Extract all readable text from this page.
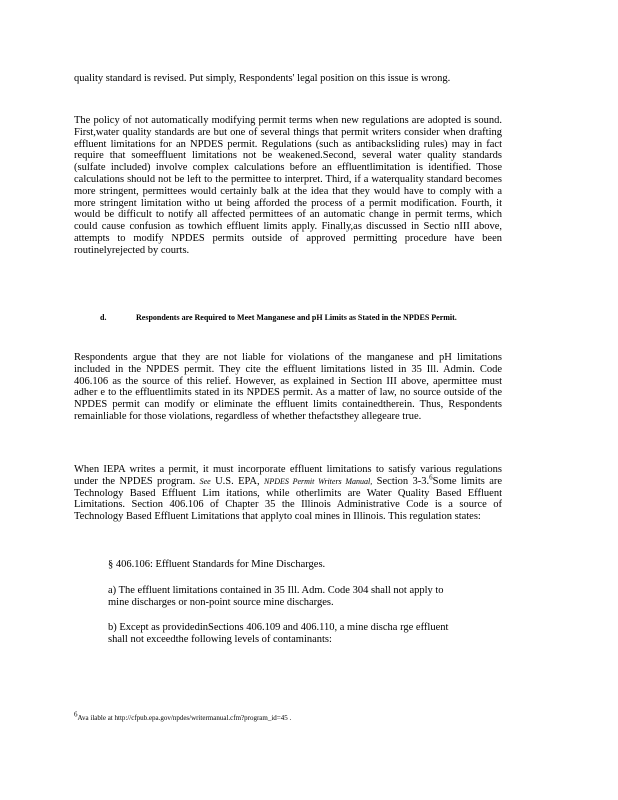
quality standard is revised. Put simply, Respondents' legal position on this issue is wrong.

The policy of not automatically modifying permit terms when new regulations are adopted is sound. First,water quality standards are but one of several things that permit writers consider when drafting effluent limitations for an NPDES permit. Regulations (such as antibacksliding rules) may in fact require that someeffluent limitations not be weakened.Second, several water quality standards (sulfate included) involve complex calculations before an effluentlimitation is identified. Those calculations should not be left to the permittee to interpret. Third, if a waterquality standard becomes more stringent, permittees would certainly balk at the idea that they would have to comply with a more stringent limitation witho ut being afforded the process of a permit modification. Fourth, it would be difficult to notify all affected permittees of an automatic change in permit terms, which could cause confusion as towhich effluent limits apply. Finally,as discussed in Sectio nIII above, attempts to modify NPDES permits outside of approved permitting procedure have been routinelyrejected by courts.

d.	Respondents are Required to Meet Manganese and pH Limits as Stated in the NPDES Permit.

Respondents argue that they are not liable for violations of the manganese and pH limitations included in the NPDES permit. They cite the effluent limitations listed in 35 Ill. Admin. Code 406.106 as the source of this relief. However, as explained in Section III above, apermittee must adher e to the effluentlimits stated in its NPDES permit. As a matter of law, no source outside of the NPDES permit can modify or eliminate the effluent limits containedtherein. Thus, Respondents remainliable for those violations, regardless of whether thefactsthey allegeare true.

When IEPA writes a permit, it must incorporate effluent limitations to satisfy various regulations under the NPDES program. See U.S. EPA, NPDES Permit Writers Manual, Section 3-3.$^6$Some limits are Technology Based Effluent Lim itations, while otherlimits are Water Quality Based Effluent Limitations. Section 406.106 of Chapter 35 the Illinois Administrative Code is a source of Technology Based Effluent Limitations that applyto coal mines in Illinois. This regulation states:

§ 406.106: Effluent Standards for Mine Discharges.

a) The effluent limitations contained in 35 Ill. Adm. Code 304 shall not apply to mine discharges or non-point source mine discharges.

b) Except as providedinSections 406.109 and 406.110, a mine discha rge effluent shall not exceedthe following levels of contaminants:

$^6$Ava ilable at http://cfpub.epa.gov/npdes/writermanual.cfm?program_id=45 .
